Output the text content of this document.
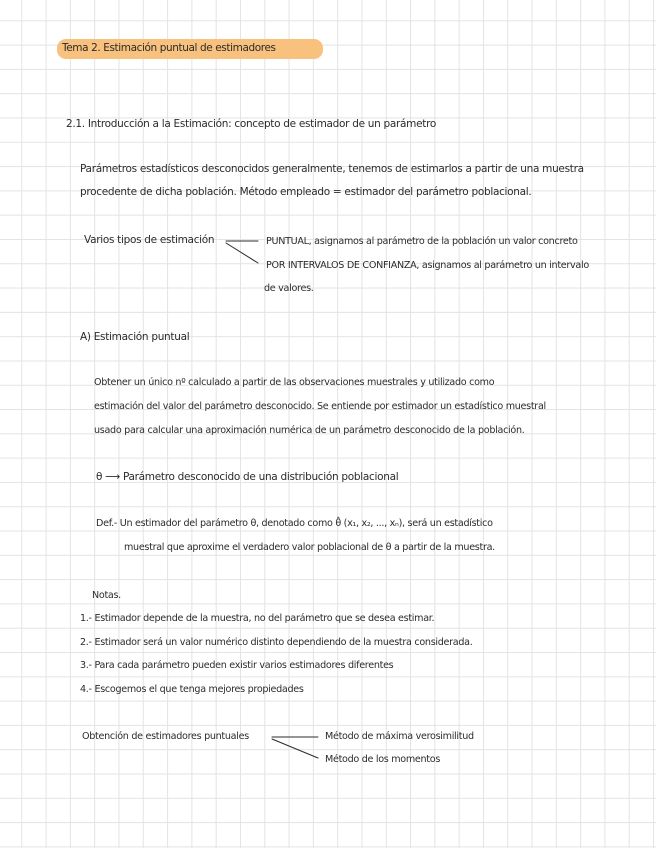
Tema 2. Estimación puntual de estimadores
2.1. Introducción a la Estimación: concepto de estimador de un parámetro
Parámetros estadísticos desconocidos generalmente, tenemos de estimarlos a partir de una muestra
procedente de dicha población. Método empleado = estimador del parámetro poblacional.
Varios tipos de estimación	PUNTUAL, asignamos al parámetro de la población un valor concreto
POR INTERVALOS DE CONFIANZA, asignamos al parámetro un intervalo
de valores.
A) Estimación puntual
Obtener un único nº calculado a partir de las observaciones muestrales y utilizado como
estimación del valor del parámetro desconocido. Se entiende por estimador un estadístico muestral
usado para calcular una aproximación numérica de un parámetro desconocido de la población.
θ ⟶ Parámetro desconocido de una distribución poblacional
Def.- Un estimador del parámetro θ, denotado como θ̂ (x₁, x₂, ..., xₙ), será un estadístico
muestral que aproxime el verdadero valor poblacional de θ a partir de la muestra.
Notas.
1.- Estimador depende de la muestra, no del parámetro que se desea estimar.
2.- Estimador será un valor numérico distinto dependiendo de la muestra considerada.
3.- Para cada parámetro pueden existir varios estimadores diferentes
4.- Escogemos el que tenga mejores propiedades
Obtención de estimadores puntuales	Método de máxima verosimilitud
Método de los momentos
